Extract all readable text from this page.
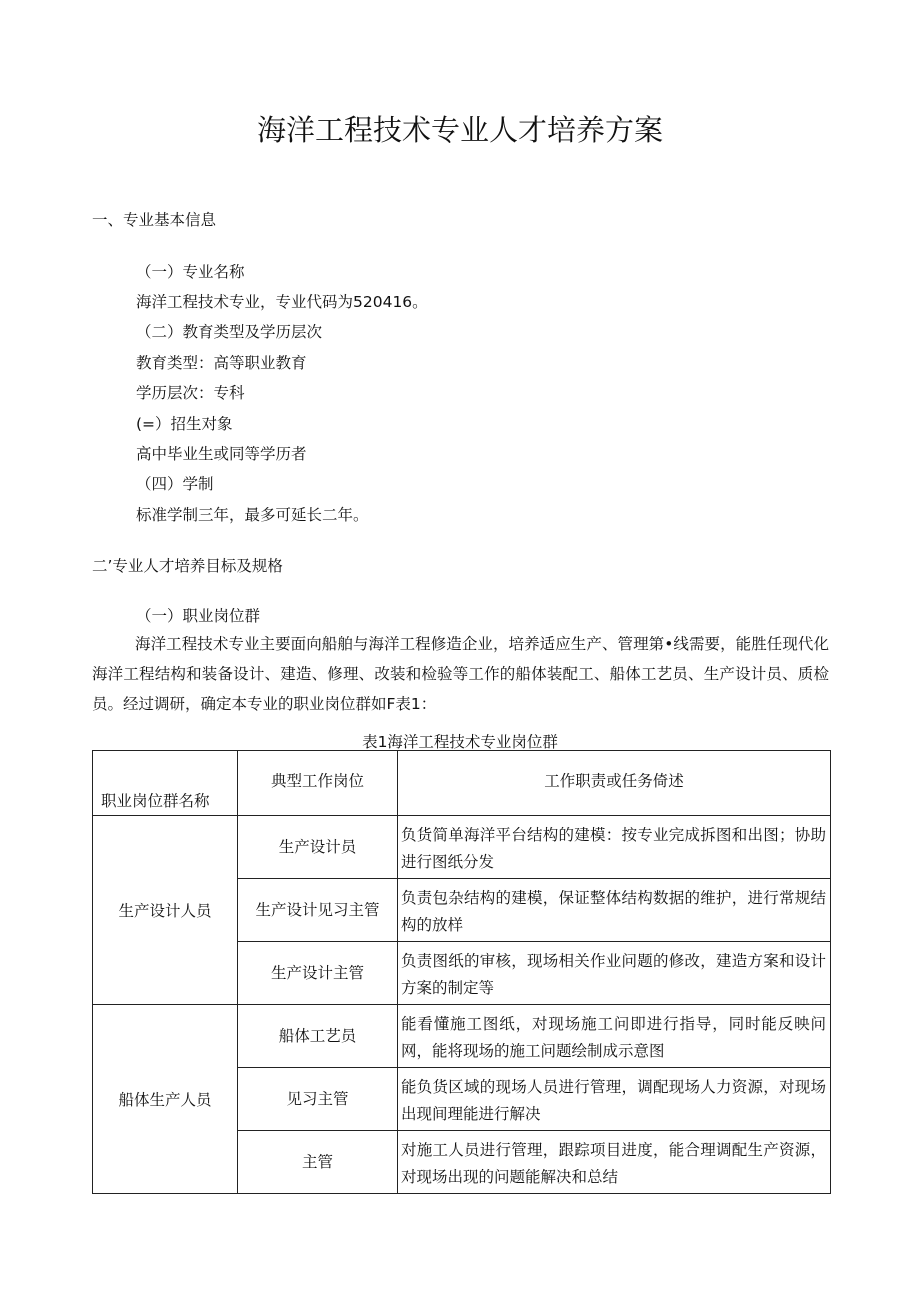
海洋工程技术专业人才培养方案
一、专业基本信息
（一）专业名称
海洋工程技术专业，专业代码为520416。
（二）教育类型及学历层次
教育类型：高等职业教育
学历层次：专科
(=）招生对象
高中毕业生或同等学历者
（四）学制
标准学制三年，最多可延长二年。
二’专业人才培养目标及规格
（一）职业岗位群
海洋工程技术专业主要面向船舶与海洋工程修造企业，培养适应生产、管理第•线需要，能胜任现代化海洋工程结构和装备设计、建造、修理、改装和检验等工作的船体装配工、船体工艺员、生产设计员、质检员。经过调研，确定本专业的职业岗位群如F表1：
表1海洋工程技术专业岗位群
职业岗位群名称	典型工作岗位	工作职责或任务倚述
生产设计人员	生产设计员	负货简单海洋平台结构的建模：按专业完成拆图和出图；协助进行图纸分发
	生产设计见习主管	负责包杂结构的建模，保证整体结构数据的维护，进行常规结构的放样
	生产设计主管	负责图纸的审核，现场相关作业问题的修改，建造方案和设计方案的制定等
船体生产人员	船体工艺员	能看懂施工图纸，对现场施工问即进行指导，同时能反映问网，能将现场的施工问题绘制成示意图
	见习主管	能负货区域的现场人员进行管理，调配现场人力资源，对现场出现间理能进行解决
	主管	对施工人员进行管理，跟踪项目进度，能合理调配生产资源，对现场出现的问题能解决和总结
